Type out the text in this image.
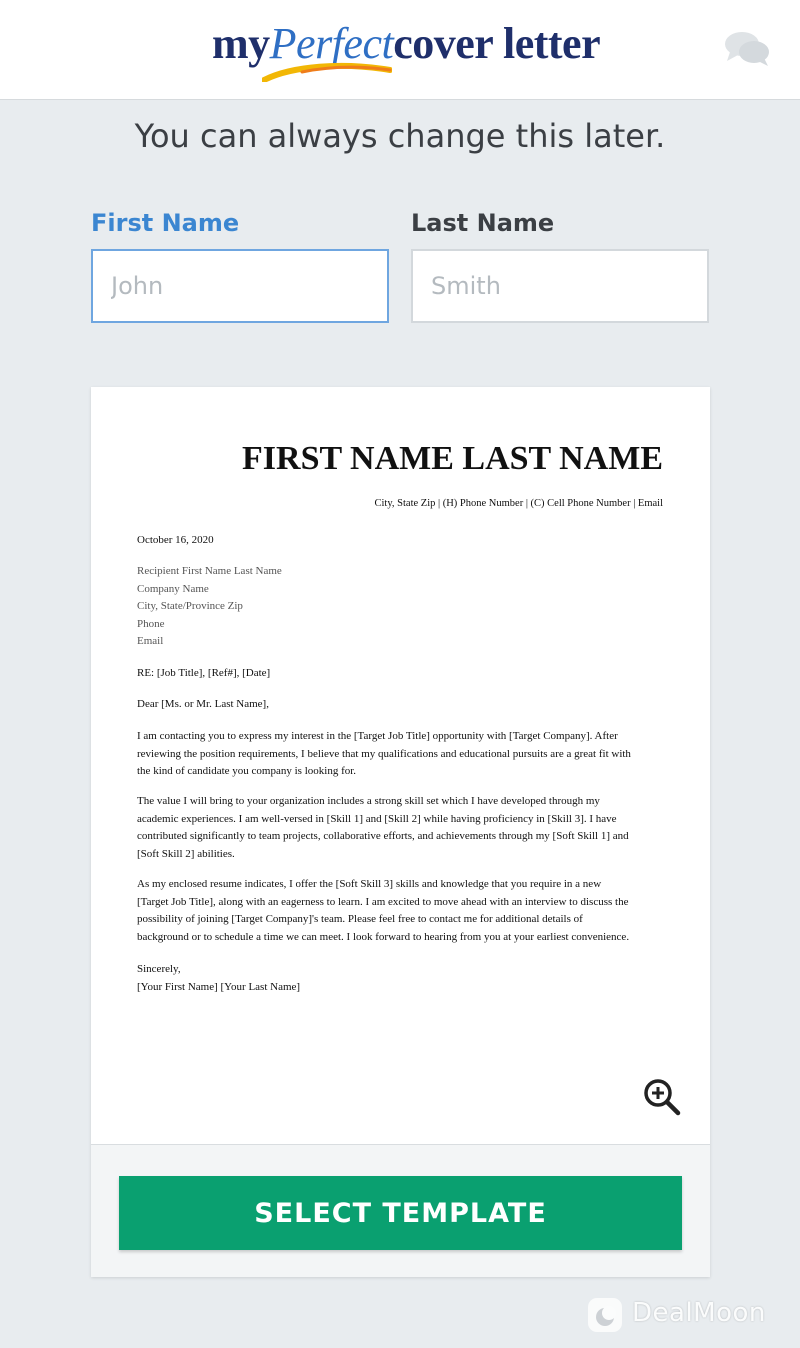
myPerfectcover letter
You can always change this later.
First Name	Last Name
John
Smith
FIRST NAME LAST NAME
City, State Zip | (H) Phone Number | (C) Cell Phone Number | Email
October 16, 2020
Recipient First Name Last Name
Company Name
City, State/Province Zip
Phone
Email
RE: [Job Title], [Ref#], [Date]
Dear [Ms. or Mr. Last Name],
I am contacting you to express my interest in the [Target Job Title] opportunity with [Target Company]. After
reviewing the position requirements, I believe that my qualifications and educational pursuits are a great fit with
the kind of candidate you company is looking for.
The value I will bring to your organization includes a strong skill set which I have developed through my
academic experiences. I am well-versed in [Skill 1] and [Skill 2] while having proficiency in [Skill 3]. I have
contributed significantly to team projects, collaborative efforts, and achievements through my [Soft Skill 1] and
[Soft Skill 2] abilities.
As my enclosed resume indicates, I offer the [Soft Skill 3] skills and knowledge that you require in a new
[Target Job Title], along with an eagerness to learn. I am excited to move ahead with an interview to discuss the
possibility of joining [Target Company]'s team. Please feel free to contact me for additional details of
background or to schedule a time we can meet. I look forward to hearing from you at your earliest convenience.
Sincerely,
[Your First Name] [Your Last Name]
SELECT TEMPLATE
DealMoon
